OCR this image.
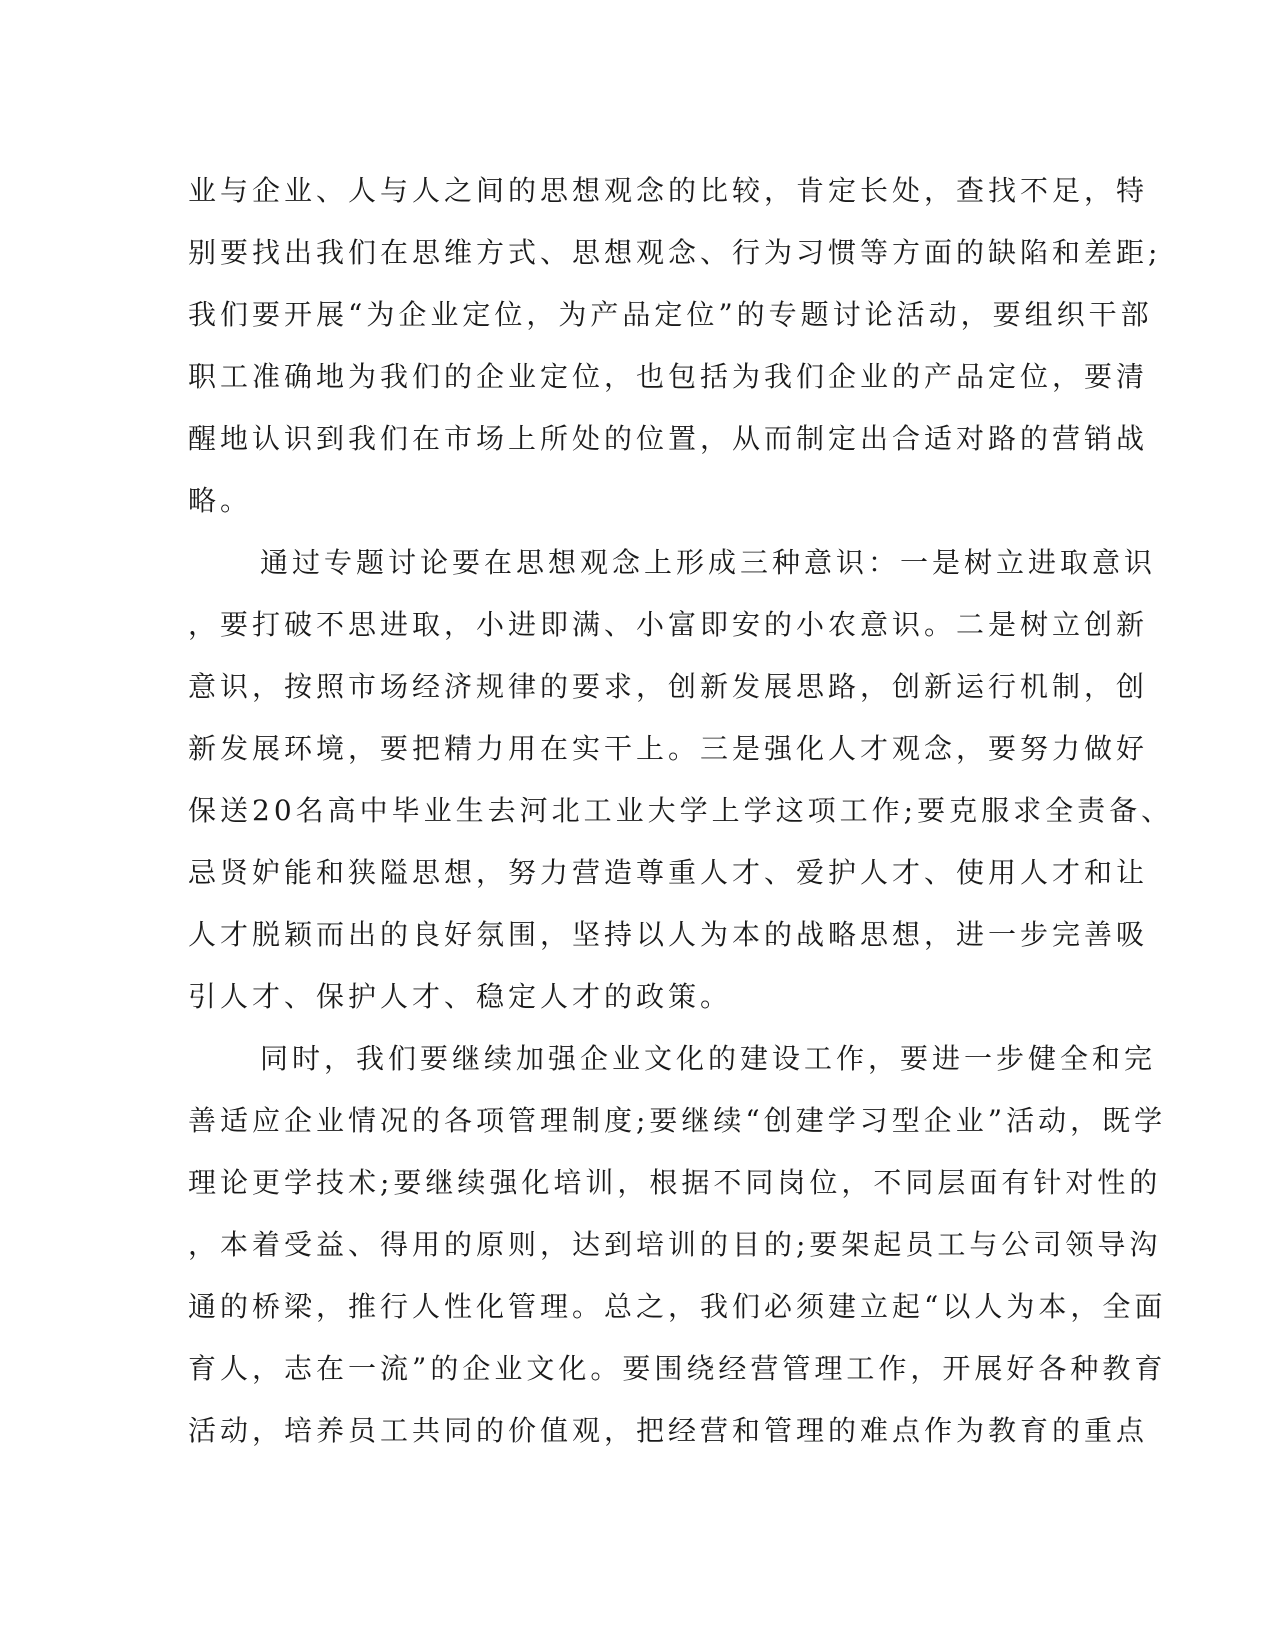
业与企业、人与人之间的思想观念的比较，肯定长处，查找不足，特
别要找出我们在思维方式、思想观念、行为习惯等方面的缺陷和差距;
我们要开展“为企业定位，为产品定位”的专题讨论活动，要组织干部
职工准确地为我们的企业定位，也包括为我们企业的产品定位，要清
醒地认识到我们在市场上所处的位置，从而制定出合适对路的营销战
略。
通过专题讨论要在思想观念上形成三种意识：一是树立进取意识
，要打破不思进取，小进即满、小富即安的小农意识。二是树立创新
意识，按照市场经济规律的要求，创新发展思路，创新运行机制，创
新发展环境，要把精力用在实干上。三是强化人才观念，要努力做好
保送20名高中毕业生去河北工业大学上学这项工作;要克服求全责备、
忌贤妒能和狭隘思想，努力营造尊重人才、爱护人才、使用人才和让
人才脱颖而出的良好氛围，坚持以人为本的战略思想，进一步完善吸
引人才、保护人才、稳定人才的政策。
同时，我们要继续加强企业文化的建设工作，要进一步健全和完
善适应企业情况的各项管理制度;要继续“创建学习型企业”活动，既学
理论更学技术;要继续强化培训，根据不同岗位，不同层面有针对性的
，本着受益、得用的原则，达到培训的目的;要架起员工与公司领导沟
通的桥梁，推行人性化管理。总之，我们必须建立起“以人为本，全面
育人，志在一流”的企业文化。要围绕经营管理工作，开展好各种教育
活动，培养员工共同的价值观，把经营和管理的难点作为教育的重点
